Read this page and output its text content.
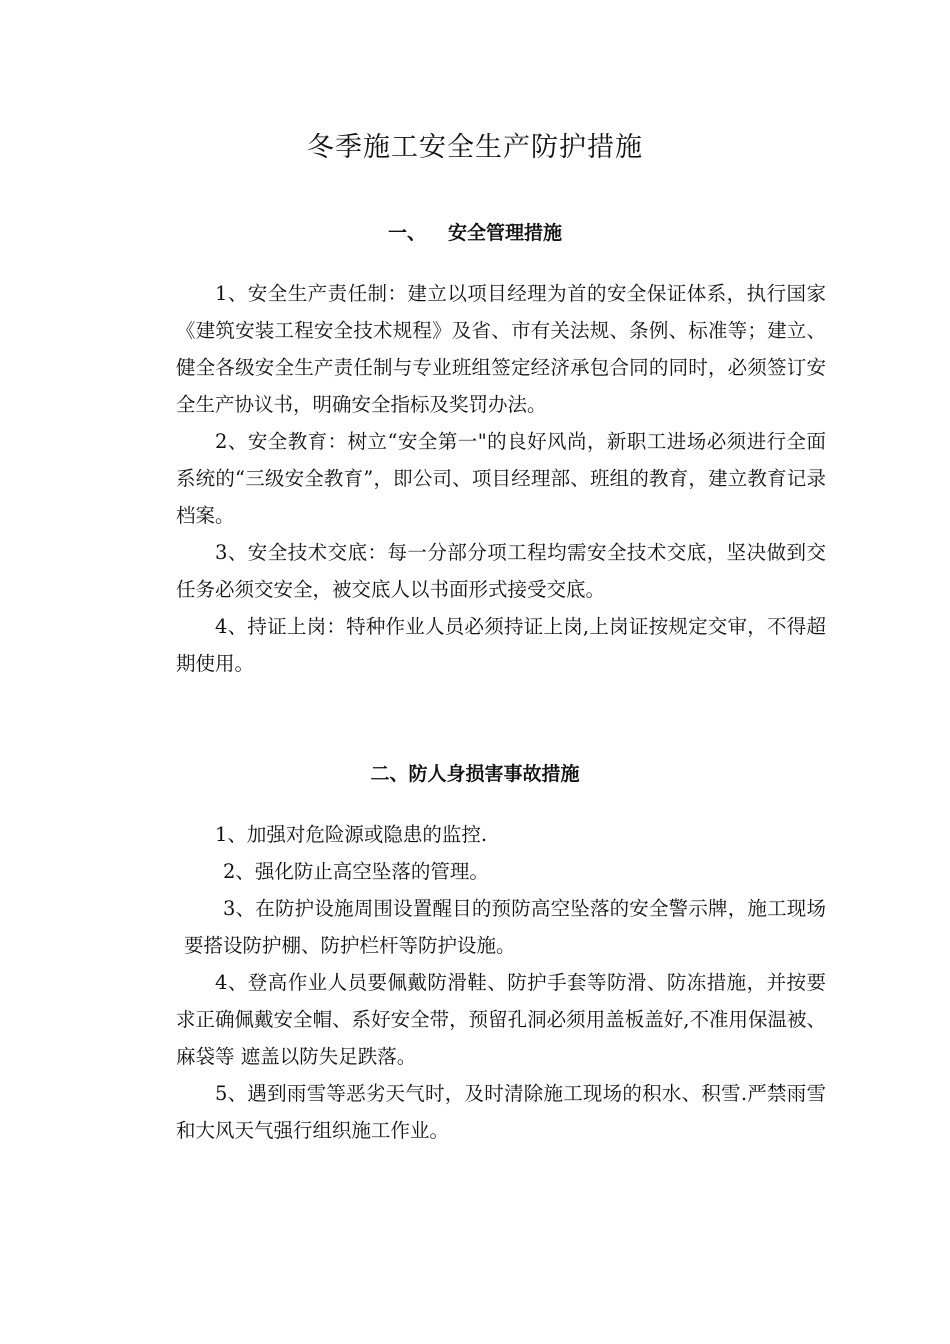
冬季施工安全生产防护措施
一、 安全管理措施

1、安全生产责任制：建立以项目经理为首的安全保证体系，执行国家《建筑安装工程安全技术规程》及省、市有关法规、条例、标准等；建立、健全各级安全生产责任制与专业班组签定经济承包合同的同时，必须签订安全生产协议书，明确安全指标及奖罚办法。

2、安全教育：树立“安全第一"的良好风尚，新职工进场必须进行全面系统的“三级安全教育”，即公司、项目经理部、班组的教育，建立教育记录档案。

3、安全技术交底：每一分部分项工程均需安全技术交底，坚决做到交任务必须交安全，被交底人以书面形式接受交底。

4、持证上岗：特种作业人员必须持证上岗,上岗证按规定交审，不得超期使用。

二、防人身损害事故措施

1、加强对危险源或隐患的监控.

2、强化防止高空坠落的管理。

3、在防护设施周围设置醒目的预防高空坠落的安全警示牌，施工现场要搭设防护棚、防护栏杆等防护设施。

4、登高作业人员要佩戴防滑鞋、防护手套等防滑、防冻措施，并按要求正确佩戴安全帽、系好安全带，预留孔洞必须用盖板盖好,不准用保温被、麻袋等 遮盖以防失足跌落。

5、遇到雨雪等恶劣天气时，及时清除施工现场的积水、积雪.严禁雨雪和大风天气强行组织施工作业。
